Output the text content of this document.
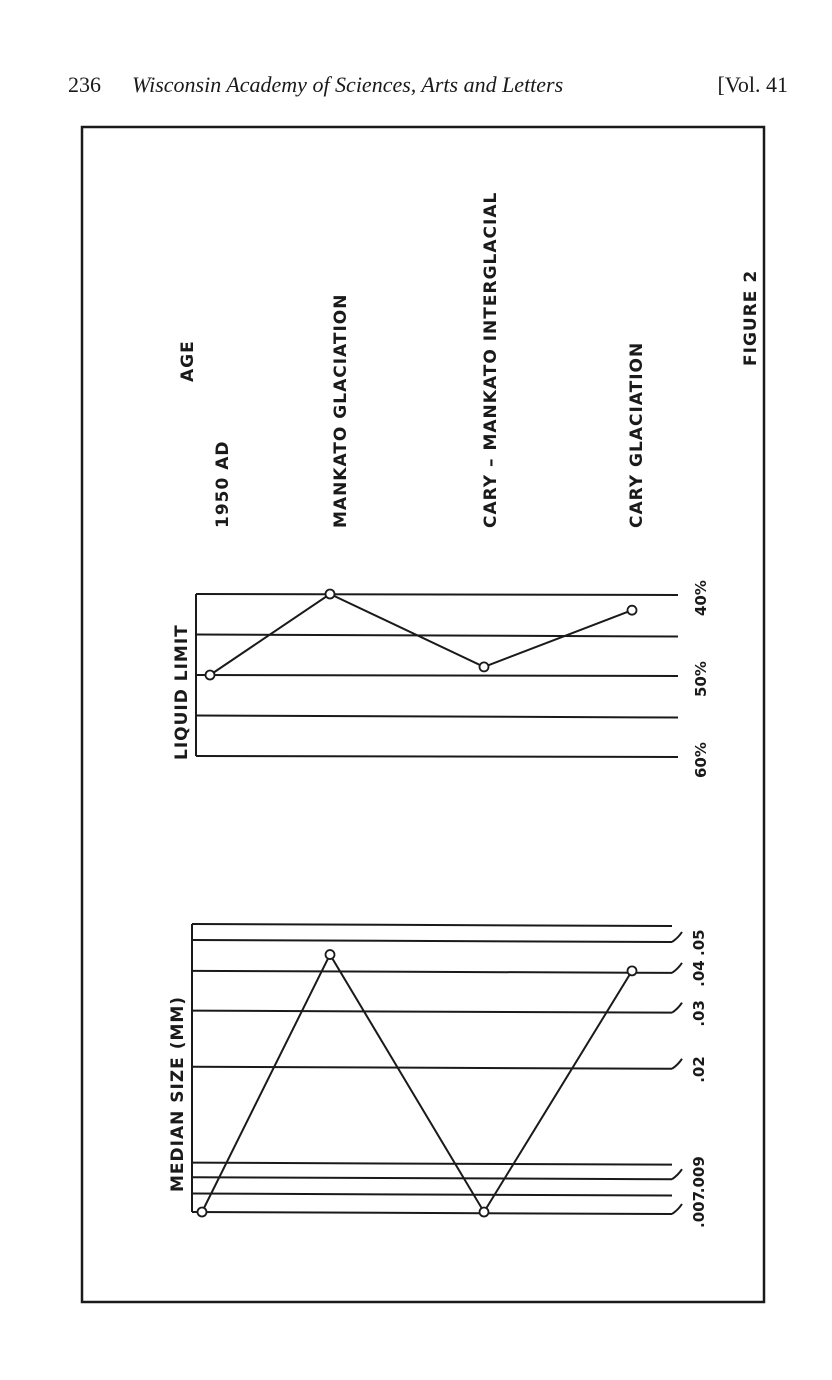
236 Wisconsin Academy of Sciences, Arts and Letters	[Vol. 41
40%
50%
60%
LIQUID LIMIT
.007
.009
.02
.03
.04
.05
MEDIAN SIZE (MM)
AGE
1950 AD	MANKATO GLACIATION	CARY – MANKATO INTERGLACIAL	CARY GLACIATION
FIGURE 2
